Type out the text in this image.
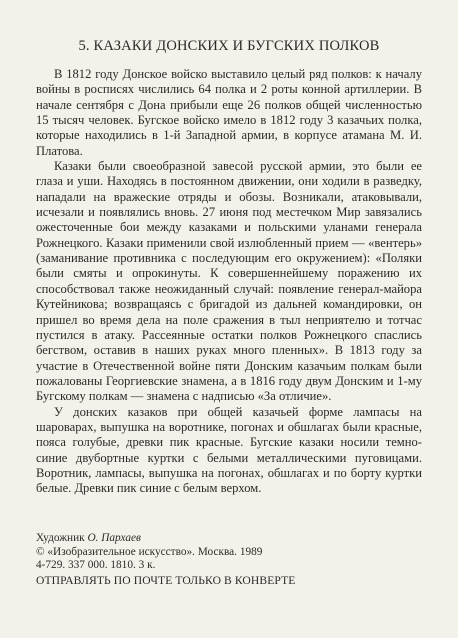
5. КАЗАКИ ДОНСКИХ И БУГСКИХ ПОЛКОВ

В 1812 году Донское войско выставило целый ряд полков: к началу войны в росписях числились 64 полка и 2 роты конной артиллерии. В начале сентября с Дона прибыли еще 26 полков общей численностью 15 тысяч человек. Бугское войско имело в 1812 году 3 казачьих полка, которые находились в 1-й Западной армии, в корпусе атамана М. И. Платова.

Казаки были своеобразной завесой русской армии, это были ее глаза и уши. Находясь в постоянном движении, они ходили в разведку, нападали на вражеские отряды и обозы. Возникали, атаковывали, исчезали и появлялись вновь. 27 июня под местечком Мир завязались ожесточенные бои между казаками и польскими уланами генерала Рожнецкого. Казаки применили свой излюбленный прием — «вентерь» (заманивание противника с последующим его окружением): «Поляки были смяты и опрокинуты. К совершеннейшему поражению их способствовал также неожиданный случай: появление генерал-майора Кутейникова; возвращаясь с бригадой из дальней командировки, он пришел во время дела на поле сражения в тыл неприятелю и тотчас пустился в атаку. Рассеянные остатки полков Рожнецкого спаслись бегством, оставив в наших руках много пленных». В 1813 году за участие в Отечественной войне пяти Донским казачьим полкам были пожалованы Георгиевские знамена, а в 1816 году двум Донским и 1-му Бугскому полкам — знамена с надписью «За отличие».

У донских казаков при общей казачьей форме лампасы на шароварах, выпушка на воротнике, погонах и обшлагах были красные, пояса голубые, древки пик красные. Бугские казаки носили темно-синие двубортные куртки с белыми металлическими пуговицами. Воротник, лампасы, выпушка на погонах, обшлагах и по борту куртки белые. Древки пик синие с белым верхом.

Художник О. Пархаев
© «Изобразительное искусство». Москва. 1989
4-729. 337 000. 1810. 3 к.
ОТПРАВЛЯТЬ ПО ПОЧТЕ ТОЛЬКО В КОНВЕРТЕ
